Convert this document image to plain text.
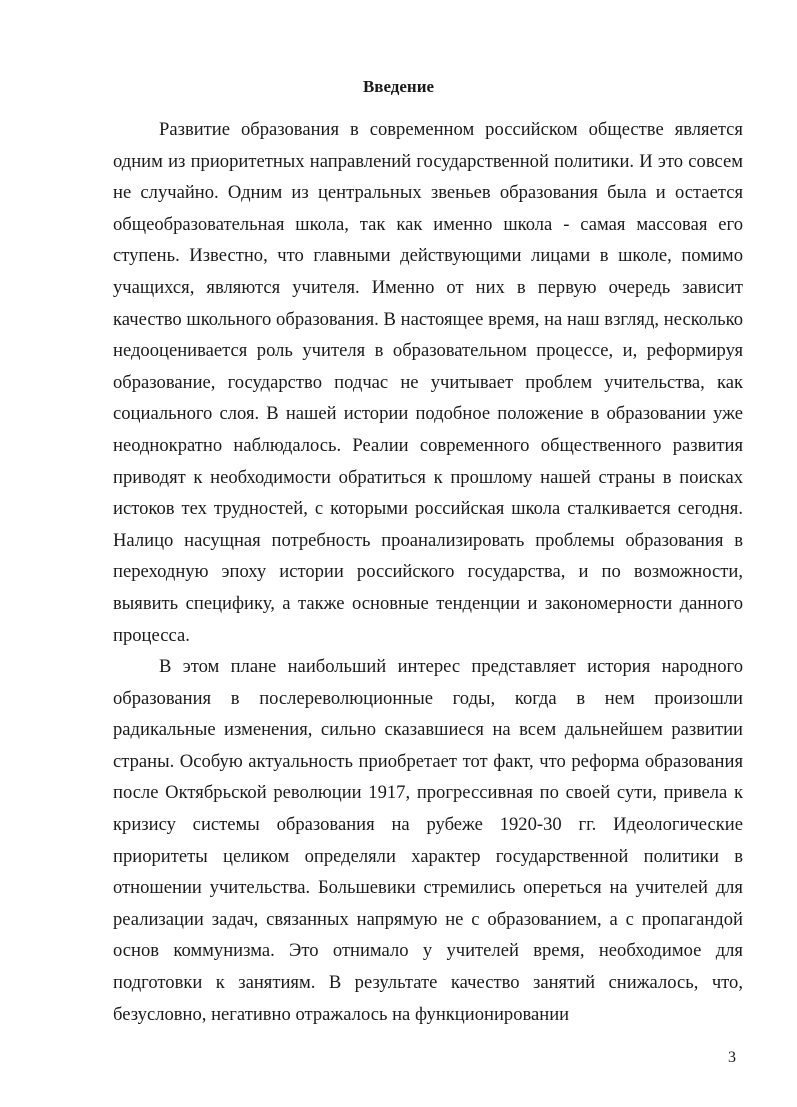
Введение

Развитие образования в современном российском обществе является одним из приоритетных направлений государственной политики. И это совсем не случайно. Одним из центральных звеньев образования была и остается общеобразовательная школа, так как именно школа - самая массовая его ступень. Известно, что главными действующими лицами в школе, помимо учащихся, являются учителя. Именно от них в первую очередь зависит качество школьного образования. В настоящее время, на наш взгляд, несколько недооценивается роль учителя в образовательном процессе, и, реформируя образование, государство подчас не учитывает проблем учительства, как социального слоя. В нашей истории подобное положение в образовании уже неоднократно наблюдалось. Реалии современного общественного развития приводят к необходимости обратиться к прошлому нашей страны в поисках истоков тех трудностей, с которыми российская школа сталкивается сегодня. Налицо насущная потребность проанализировать проблемы образования в переходную эпоху истории российского государства, и по возможности, выявить специфику, а также основные тенденции и закономерности данного процесса.

В этом плане наибольший интерес представляет история народного образования в послереволюционные годы, когда в нем произошли радикальные изменения, сильно сказавшиеся на всем дальнейшем развитии страны. Особую актуальность приобретает тот факт, что реформа образования после Октябрьской революции 1917, прогрессивная по своей сути, привела к кризису системы образования на рубеже 1920-30 гг. Идеологические приоритеты целиком определяли характер государственной политики в отношении учительства. Большевики стремились опереться на учителей для реализации задач, связанных напрямую не с образованием, а с пропагандой основ коммунизма. Это отнимало у учителей время, необходимое для подготовки к занятиям. В результате качество занятий снижалось, что, безусловно, негативно отражалось на функционировании

3
